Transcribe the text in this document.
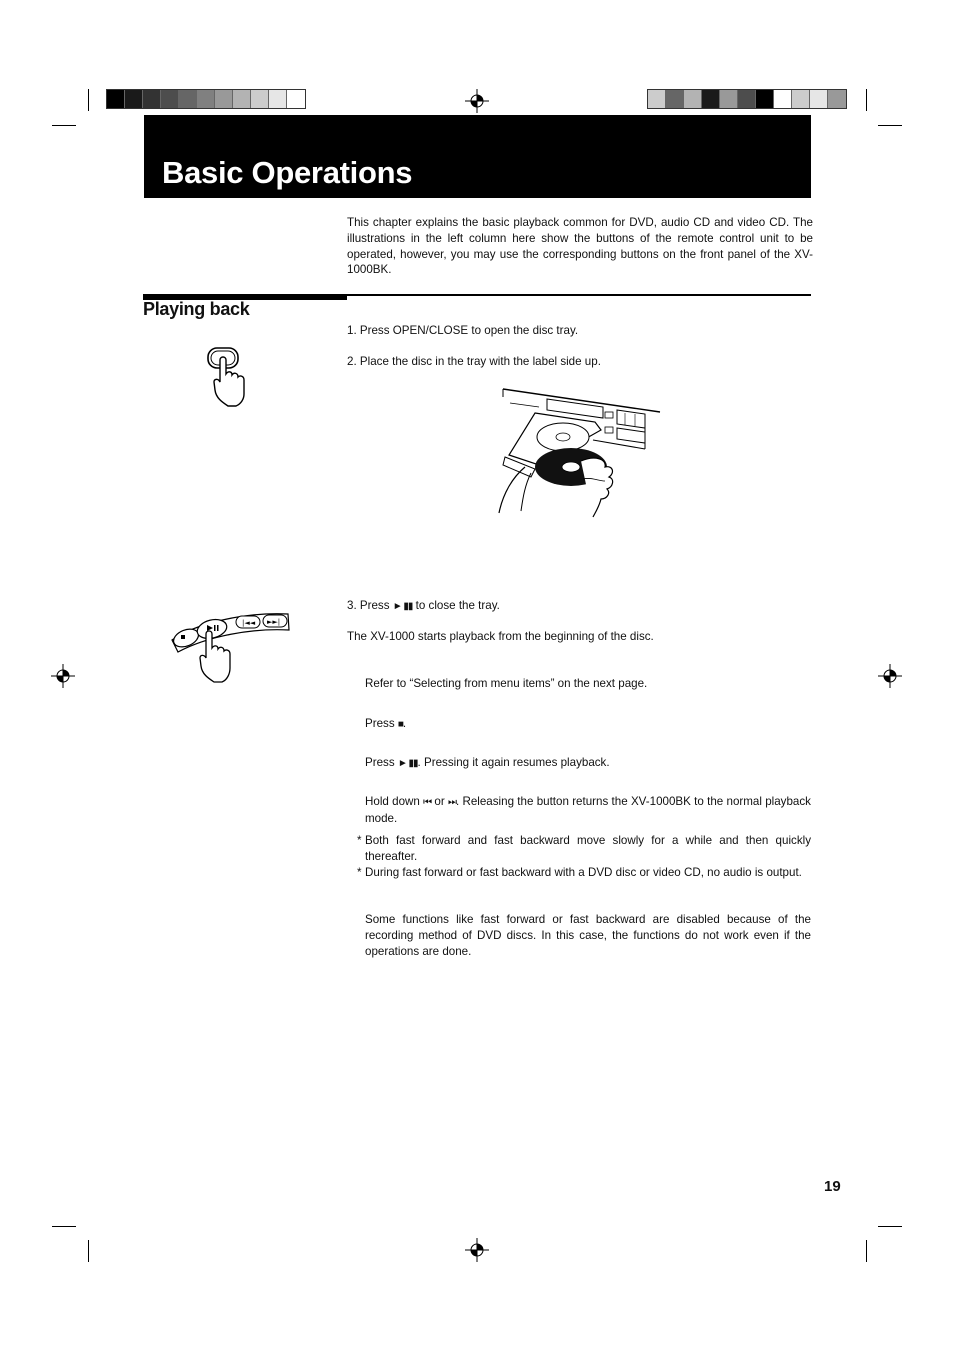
Basic Operations
This chapter explains the basic playback common for DVD, audio CD and video CD. The illustrations in the left column here show the buttons of the remote control unit to be operated, however, you may use the corresponding buttons on the front panel of the XV-1000BK.
Playing back
1. Press OPEN/CLOSE to open the disc tray.
2. Place the disc in the tray with the label side up.
|◄◄ ►►|
3. Press ► ▮▮ to close the tray.
The XV-1000 starts playback from the beginning of the disc.
Refer to “Selecting from menu items” on the next page.
Press ■.
Press ► ▮▮. Pressing it again resumes playback.
Hold down ⏮ or ⏭. Releasing the button returns the XV-1000BK to the normal playback mode.
* Both fast forward and fast backward move slowly for a while and then quickly thereafter.
* During fast forward or fast backward with a DVD disc or video CD, no audio is output.
Some functions like fast forward or fast backward are disabled because of the recording method of DVD discs. In this case, the functions do not work even if the operations are done.
19
